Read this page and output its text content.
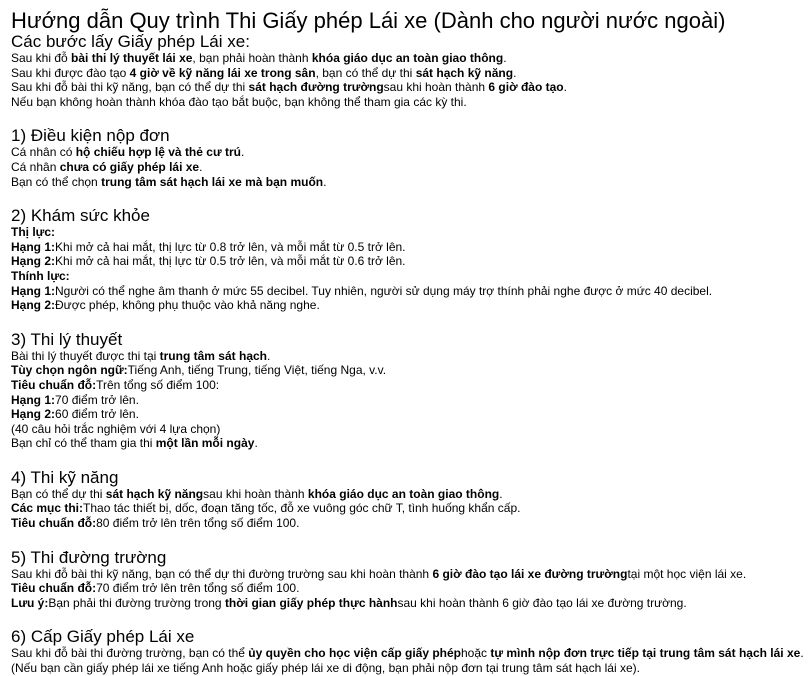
Hướng dẫn Quy trình Thi Giấy phép Lái xe (Dành cho người nước ngoài)
Các bước lấy Giấy phép Lái xe:
Sau khi đỗ bài thi lý thuyết lái xe, bạn phải hoàn thành khóa giáo dục an toàn giao thông.
Sau khi được đào tạo 4 giờ về kỹ năng lái xe trong sân, bạn có thể dự thi sát hạch kỹ năng.
Sau khi đỗ bài thi kỹ năng, bạn có thể dự thi sát hạch đường trườngsau khi hoàn thành 6 giờ đào tạo.
Nếu bạn không hoàn thành khóa đào tạo bắt buộc, bạn không thể tham gia các kỳ thi.
1) Điều kiện nộp đơn
Cá nhân có hộ chiếu hợp lệ và thẻ cư trú.
Cá nhân chưa có giấy phép lái xe.
Bạn có thể chọn trung tâm sát hạch lái xe mà bạn muốn.
2) Khám sức khỏe
Thị lực:
Hạng 1:Khi mở cả hai mắt, thị lực từ 0.8 trở lên, và mỗi mắt từ 0.5 trở lên.
Hạng 2:Khi mở cả hai mắt, thị lực từ 0.5 trở lên, và mỗi mắt từ 0.6 trở lên.
Thính lực:
Hạng 1:Người có thể nghe âm thanh ở mức 55 decibel. Tuy nhiên, người sử dụng máy trợ thính phải nghe được ở mức 40 decibel.
Hạng 2:Được phép, không phụ thuộc vào khả năng nghe.
3) Thi lý thuyết
Bài thi lý thuyết được thi tại trung tâm sát hạch.
Tùy chọn ngôn ngữ:Tiếng Anh, tiếng Trung, tiếng Việt, tiếng Nga, v.v.
Tiêu chuẩn đỗ:Trên tổng số điểm 100:
Hạng 1:70 điểm trở lên.
Hạng 2:60 điểm trở lên.
(40 câu hỏi trắc nghiệm với 4 lựa chọn)
Bạn chỉ có thể tham gia thi một lần mỗi ngày.
4) Thi kỹ năng
Bạn có thể dự thi sát hạch kỹ năngsau khi hoàn thành khóa giáo dục an toàn giao thông.
Các mục thi:Thao tác thiết bị, dốc, đoạn tăng tốc, đỗ xe vuông góc chữ T, tình huống khẩn cấp.
Tiêu chuẩn đỗ:80 điểm trở lên trên tổng số điểm 100.
5) Thi đường trường
Sau khi đỗ bài thi kỹ năng, bạn có thể dự thi đường trường sau khi hoàn thành 6 giờ đào tạo lái xe đường trườngtại một học viện lái xe.
Tiêu chuẩn đỗ:70 điểm trở lên trên tổng số điểm 100.
Lưu ý:Bạn phải thi đường trường trong thời gian giấy phép thực hànhsau khi hoàn thành 6 giờ đào tạo lái xe đường trường.
6) Cấp Giấy phép Lái xe
Sau khi đỗ bài thi đường trường, bạn có thể ủy quyền cho học viện cấp giấy phéphoặc tự mình nộp đơn trực tiếp tại trung tâm sát hạch lái xe.
(Nếu bạn cần giấy phép lái xe tiếng Anh hoặc giấy phép lái xe di động, bạn phải nộp đơn tại trung tâm sát hạch lái xe).
